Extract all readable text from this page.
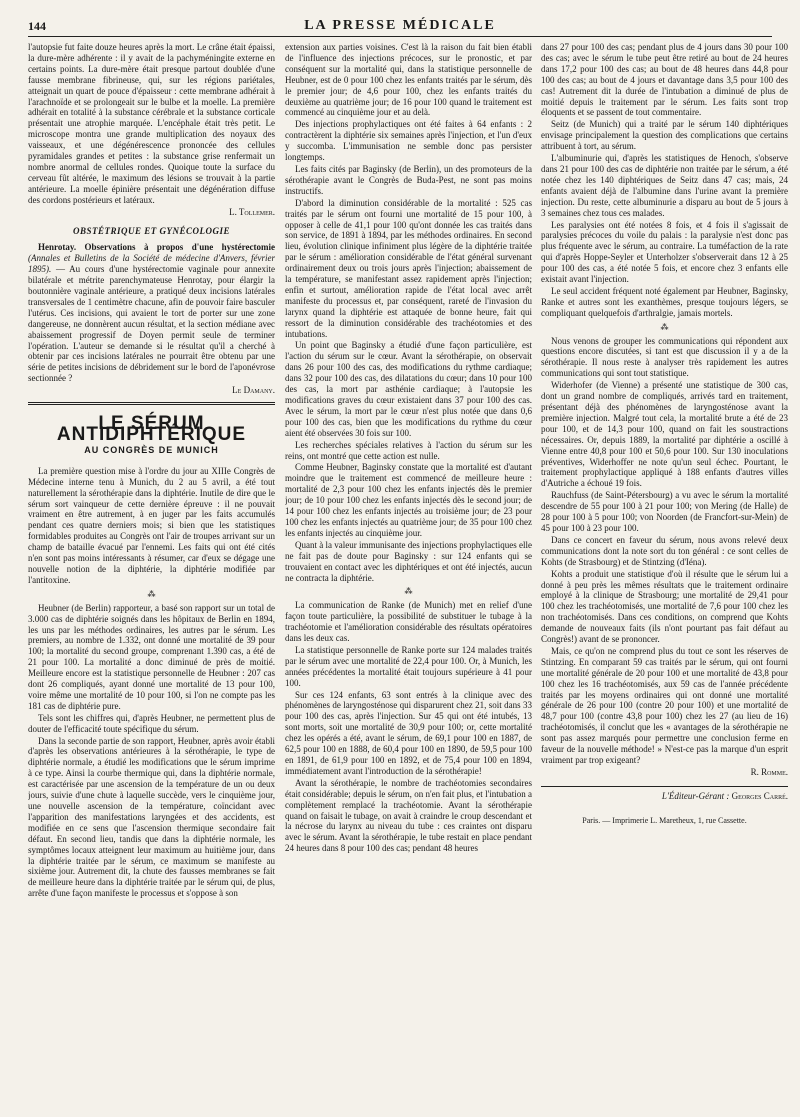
144	LA PRESSE MÉDICALE

l'autopsie fut faite douze heures après la mort. Le crâne était épaissi, la dure-mère adhérente : il y avait de la pachyméningite externe en certains points. La dure-mère était presque partout doublée d'une fausse membrane fibrineuse, qui, sur les régions pariétales, atteignait un quart de pouce d'épaisseur : cette membrane adhérait à l'arachnoïde et se prolongeait sur le bulbe et la moelle. La première adhérait en totalité à la substance cérébrale et la substance corticale présentait une atrophie marquée. L'encéphale était très petit. Le microscope montra une grande multiplication des noyaux des vaisseaux, et une dégénérescence prononcée des cellules pyramidales grandes et petites : la substance grise renfermait un nombre anormal de cellules rondes. Quoique toute la surface du cerveau fût altérée, le maximum des lésions se trouvait à la partie antérieure. La moelle épinière présentait une dégénération diffuse des cordons postérieurs et latéraux.

L. Tollemer.
OBSTÉTRIQUE ET GYNÉCOLOGIE

Henrotay. Observations à propos d'une hystérectomie (Annales et Bulletins de la Société de médecine d'Anvers, février 1895). — Au cours d'une hystérectomie vaginale pour annexite bilatérale et métrite parenchymateuse Henrotay, pour élargir la boutonnière vaginale antérieure, a pratiqué deux incisions latérales transversales de 1 centimètre chacune, afin de pouvoir faire basculer l'utérus. Ces incisions, qui avaient le tort de porter sur une zone dangereuse, ne donnèrent aucun résultat, et la section médiane avec abaissement progressif de Doyen permit seule de terminer l'opération. L'auteur se demande si le résultat qu'il a cherché à obtenir par ces incisions latérales ne pourrait être obtenu par une série de petites incisions de débridement sur le bord de l'aponévrose sectionnée ?

Le Damany.
LE SÉRUM ANTIDIPHTÉRIQUE
AU CONGRÈS DE MUNICH

La première question mise à l'ordre du jour au XIIIe Congrès de Médecine interne tenu à Munich, du 2 au 5 avril, a été tout naturellement la sérothérapie dans la diphtérie. Inutile de dire que le sérum sort vainqueur de cette dernière épreuve : il ne pouvait vraiment en être autrement, à en juger par les faits accumulés pendant ces quatre derniers mois; si bien que les statistiques formidables produites au Congrès ont l'air de troupes arrivant sur un champ de bataille évacué par l'ennemi. Les faits qui ont été cités n'en sont pas moins intéressants à résumer, car d'eux se dégage une nouvelle notion de la diphtérie, la diphtérie modifiée par l'antitoxine.

⁂

Heubner (de Berlin) rapporteur, a basé son rapport sur un total de 3.000 cas de diphtérie soignés dans les hôpitaux de Berlin en 1894, les uns par les méthodes ordinaires, les autres par le sérum. Les premiers, au nombre de 1.332, ont donné une mortalité de 39 pour 100; la mortalité du second groupe, comprenant 1.390 cas, a été de 21 pour 100. La mortalité a donc diminué de près de moitié. Meilleure encore est la statistique personnelle de Heubner : 207 cas dont 26 compliqués, ayant donné une mortalité de 13 pour 100, voire même une mortalité de 10 pour 100, si l'on ne compte pas les 181 cas de diphtérie pure.

Tels sont les chiffres qui, d'après Heubner, ne permettent plus de douter de l'efficacité toute spécifique du sérum.

Dans la seconde partie de son rapport, Heubner, après avoir établi d'après les observations antérieures à la sérothérapie, le type de diphtérie normale, a étudié les modifications que le sérum imprime à ce type. Ainsi la courbe thermique qui, dans la diphtérie normale, est caractérisée par une ascension de la température de un ou deux jours, suivie d'une chute à laquelle succède, vers le cinquième jour, une nouvelle ascension de la température, coïncidant avec l'apparition des manifestations laryngées et des accidents, est modifiée en ce sens que l'ascension thermique secondaire fait défaut. En second lieu, tandis que dans la diphtérie normale, les symptômes locaux atteignent leur maximum au huitième jour, dans la diphtérie traitée par le sérum, ce maximum se manifeste au sixième jour. Autrement dit, la chute des fausses membranes se fait de meilleure heure dans la diphtérie traitée par le sérum qui, de plus, arrête d'une façon manifeste le processus et s'oppose à son

extension aux parties voisines. C'est là la raison du fait bien établi de l'influence des injections précoces, sur le pronostic, et par conséquent sur la mortalité qui, dans la statistique personnelle de Heubner, est de 0 pour 100 chez les enfants traités par le sérum, dès le premier jour; de 4,6 pour 100, chez les enfants traités du deuxième au quatrième jour; de 16 pour 100 quand le traitement est commencé au cinquième jour et au delà.

Des injections prophylactiques ont été faites à 64 enfants : 2 contractèrent la diphtérie six semaines après l'injection, et l'un d'eux y succomba. L'immunisation ne semble donc pas persister longtemps.

Les faits cités par Baginsky (de Berlin), un des promoteurs de la sérothérapie avant le Congrès de Buda-Pest, ne sont pas moins instructifs.

D'abord la diminution considérable de la mortalité : 525 cas traités par le sérum ont fourni une mortalité de 15 pour 100, à opposer à celle de 41,1 pour 100 qu'ont donnée les cas traités dans son service, de 1891 à 1894, par les méthodes ordinaires. En second lieu, évolution clinique infiniment plus légère de la diphtérie traitée par le sérum : amélioration considérable de l'état général survenant ordinairement deux ou trois jours après l'injection; abaissement de la température, se manifestant assez rapidement après l'injection; enfin et surtout, amélioration rapide de l'état local avec arrêt manifeste du processus et, par conséquent, rareté de l'invasion du larynx quand la diphtérie est attaquée de bonne heure, fait qui ressort de la diminution considérable des trachéotomies et des intubations.

Un point que Baginsky a étudié d'une façon particulière, est l'action du sérum sur le cœur. Avant la sérothérapie, on observait dans 26 pour 100 des cas, des modifications du rythme cardiaque; dans 32 pour 100 des cas, des dilatations du cœur; dans 10 pour 100 des cas, la mort par asthénie cardiaque; à l'autopsie les modifications graves du cœur existaient dans 37 pour 100 des cas. Avec le sérum, la mort par le cœur n'est plus notée que dans 0,6 pour 100 des cas, bien que les modifications du rythme du cœur aient été observées 30 fois sur 100.

Les recherches spéciales relatives à l'action du sérum sur les reins, ont montré que cette action est nulle.

Comme Heubner, Baginsky constate que la mortalité est d'autant moindre que le traitement est commencé de meilleure heure : mortalité de 2,3 pour 100 chez les enfants injectés dès le premier jour; de 10 pour 100 chez les enfants injectés dès le second jour; de 14 pour 100 chez les enfants injectés au troisième jour; de 23 pour 100 chez les enfants injectés au quatrième jour; de 35 pour 100 chez les enfants injectés au cinquième jour.

Quant à la valeur immunisante des injections prophylactiques elle ne fait pas de doute pour Baginsky : sur 124 enfants qui se trouvaient en contact avec les diphtériques et ont été injectés, aucun ne contracta la diphtérie.

⁂

La communication de Ranke (de Munich) met en relief d'une façon toute particulière, la possibilité de substituer le tubage à la trachéotomie et l'amélioration considérable des résultats opératoires dans les deux cas.

La statistique personnelle de Ranke porte sur 124 malades traités par le sérum avec une mortalité de 22,4 pour 100. Or, à Munich, les années précédentes la mortalité était toujours supérieure à 41 pour 100.

Sur ces 124 enfants, 63 sont entrés à la clinique avec des phénomènes de laryngosténose qui disparurent chez 21, soit dans 33 pour 100 des cas, après l'injection. Sur 45 qui ont été intubés, 13 sont morts, soit une mortalité de 30,9 pour 100; or, cette mortalité chez les opérés a été, avant le sérum, de 69,1 pour 100 en 1887, de 62,5 pour 100 en 1888, de 60,4 pour 100 en 1890, de 59,5 pour 100 en 1891, de 61,9 pour 100 en 1892, et de 75,4 pour 100 en 1894, immédiatement avant l'introduction de la sérothérapie!

Avant la sérothérapie, le nombre de trachéotomies secondaires était considérable; depuis le sérum, on n'en fait plus, et l'intubation a complètement remplacé la trachéotomie. Avant la sérothérapie quand on faisait le tubage, on avait à craindre le croup descendant et la nécrose du larynx au niveau du tube : ces craintes ont disparu avec le sérum. Avant la sérothérapie, le tube restait en place pendant 24 heures dans 8 pour 100 des cas; pendant 48 heures

dans 27 pour 100 des cas; pendant plus de 4 jours dans 30 pour 100 des cas; avec le sérum le tube peut être retiré au bout de 24 heures dans 17,2 pour 100 des cas; au bout de 48 heures dans 44,8 pour 100 des cas; au bout de 4 jours et davantage dans 3,5 pour 100 des cas! Autrement dit la durée de l'intubation a diminué de plus de moitié depuis le traitement par le sérum. Les faits sont trop éloquents et se passent de tout commentaire.

Seitz (de Munich) qui a traité par le sérum 140 diphtériques envisage principalement la question des complications que certains attribuent à tort, au sérum.

L'albuminurie qui, d'après les statistiques de Henoch, s'observe dans 21 pour 100 des cas de diphtérie non traitée par le sérum, a été notée chez les 140 diphtériques de Seitz dans 47 cas; mais, 24 enfants avaient déjà de l'albumine dans l'urine avant la première injection. Du reste, cette albuminurie a disparu au bout de 5 jours à 3 semaines chez tous ces malades.

Les paralysies ont été notées 8 fois, et 4 fois il s'agissait de paralysies précoces du voile du palais : la paralysie n'est donc pas plus fréquente avec le sérum, au contraire. La tuméfaction de la rate qui d'après Hoppe-Seyler et Unterholzer s'observerait dans 12 à 25 pour 100 des cas, a été notée 5 fois, et encore chez 3 enfants elle existait avant l'injection.

Le seul accident fréquent noté également par Heubner, Baginsky, Ranke et autres sont les exanthèmes, presque toujours légers, se compliquant quelquefois d'arthralgie, jamais mortels.

⁂

Nous venons de grouper les communications qui répondent aux questions encore discutées, si tant est que discussion il y a de la sérothérapie. Il nous reste à analyser très rapidement les autres communications qui sont tout statistique.

Widerhofer (de Vienne) a présenté une statistique de 300 cas, dont un grand nombre de compliqués, arrivés tard en traitement, présentant déjà des phénomènes de laryngosténose avant la première injection. Malgré tout cela, la mortalité brute a été de 23 pour 100, et de 14,3 pour 100, quand on fait les soustractions nécessaires. Or, depuis 1889, la mortalité par diphtérie a oscillé à Vienne entre 40,8 pour 100 et 50,6 pour 100. Sur 130 inoculations préventives, Widerhoffer ne note qu'un seul échec. Pourtant, le traitement prophylactique appliqué à 188 enfants d'autres villes d'Autriche a échoué 19 fois.

Rauchfuss (de Saint-Pétersbourg) a vu avec le sérum la mortalité descendre de 55 pour 100 à 21 pour 100; von Mering (de Halle) de 28 pour 100 à 5 pour 100; von Noorden (de Francfort-sur-Mein) de 45 pour 100 à 23 pour 100.

Dans ce concert en faveur du sérum, nous avons relevé deux communications dont la note sort du ton général : ce sont celles de Kohts (de Strasbourg) et de Stintzing (d'Iéna).

Kohts a produit une statistique d'où il résulte que le sérum lui a donné à peu près les mêmes résultats que le traitement ordinaire employé à la clinique de Strasbourg; une mortalité de 29,41 pour 100 chez les trachéotomisés, une mortalité de 7,6 pour 100 chez les non trachéotomisés. Dans ces conditions, on comprend que Kohts demande de nouveaux faits (ils n'ont pourtant pas fait défaut au Congrès!) avant de se prononcer.

Mais, ce qu'on ne comprend plus du tout ce sont les réserves de Stintzing. En comparant 59 cas traités par le sérum, qui ont fourni une mortalité générale de 20 pour 100 et une mortalité de 43,8 pour 100 chez les 16 trachéotomisés, aux 59 cas de l'année précédente traités par les moyens ordinaires qui ont donné une mortalité générale de 26 pour 100 (contre 20 pour 100) et une mortalité de 48,7 pour 100 (contre 43,8 pour 100) chez les 27 (au lieu de 16) trachéotomisés, il conclut que les « avantages de la sérothérapie ne sont pas assez marqués pour permettre une conclusion ferme en faveur de la nouvelle méthode! » N'est-ce pas la marque d'un esprit vraiment par trop exigeant?

R. Romme.
L'Éditeur-Gérant : Georges Carré.
Paris. — Imprimerie L. Maretheux, 1, rue Cassette.
